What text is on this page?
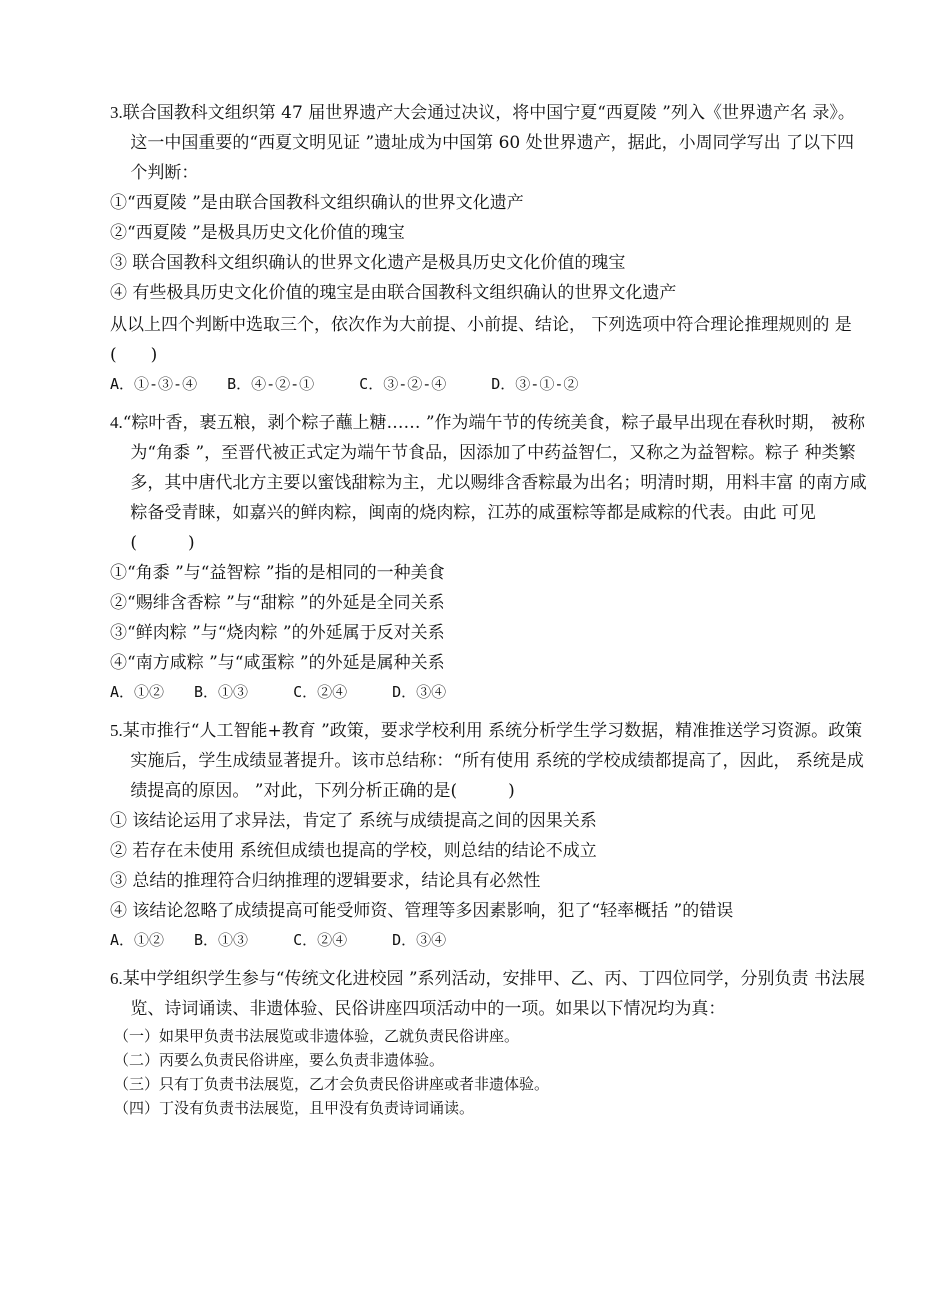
3.联合国教科文组织第 47 届世界遗产大会通过决议，将中国宁夏“西夏陵 ”列入《世界遗产名 录》。这一中国重要的“西夏文明见证 ”遗址成为中国第 60 处世界遗产，据此，小周同学写出 了以下四个判断：

①“西夏陵 ”是由联合国教科文组织确认的世界文化遗产

②“西夏陵 ”是极具历史文化价值的瑰宝

③ 联合国教科文组织确认的世界文化遗产是极具历史文化价值的瑰宝

④ 有些极具历史文化价值的瑰宝是由联合国教科文组织确认的世界文化遗产

从以上四个判断中选取三个，依次作为大前提、小前提、结论， 下列选项中符合理论推理规则的 是(　　)

A．①-③-④　　B．④-②-①　　　C．③-②-④　　　D．③-①-②

4.“粽叶香，裹五粮，剥个粽子蘸上糖…… ”作为端午节的传统美食，粽子最早出现在春秋时期， 被称为“角黍 ”，至晋代被正式定为端午节食品，因添加了中药益智仁，又称之为益智粽。粽子 种类繁多，其中唐代北方主要以蜜饯甜粽为主，尤以赐绯含香粽最为出名；明清时期，用料丰富 的南方咸粽备受青睐，如嘉兴的鲜肉粽，闽南的烧肉粽，江苏的咸蛋粽等都是咸粽的代表。由此 可见(　　　)

①“角黍 ”与“益智粽 ”指的是相同的一种美食

②“赐绯含香粽 ”与“甜粽 ”的外延是全同关系

③“鲜肉粽 ”与“烧肉粽 ”的外延属于反对关系

④“南方咸粽 ”与“咸蛋粽 ”的外延是属种关系

A．①②　　B．①③　　　C．②④　　　D．③④

5.某市推行“人工智能+教育 ”政策，要求学校利用 系统分析学生学习数据，精准推送学习资源。政策实施后，学生成绩显著提升。该市总结称：“所有使用 系统的学校成绩都提高了，因此， 系统是成绩提高的原因。 ”对此，下列分析正确的是(　　　)

① 该结论运用了求异法，肯定了 系统与成绩提高之间的因果关系

② 若存在未使用 系统但成绩也提高的学校，则总结的结论不成立

③ 总结的推理符合归纳推理的逻辑要求，结论具有必然性

④ 该结论忽略了成绩提高可能受师资、管理等多因素影响，犯了“轻率概括 ”的错误

A．①②　　B．①③　　　C．②④　　　D．③④

6.某中学组织学生参与“传统文化进校园 ”系列活动，安排甲、乙、丙、丁四位同学，分别负责 书法展览、诗词诵读、非遗体验、民俗讲座四项活动中的一项。如果以下情况均为真：

（一）如果甲负责书法展览或非遗体验，乙就负责民俗讲座。

（二）丙要么负责民俗讲座，要么负责非遗体验。

（三）只有丁负责书法展览，乙才会负责民俗讲座或者非遗体验。

（四）丁没有负责书法展览，且甲没有负责诗词诵读。
